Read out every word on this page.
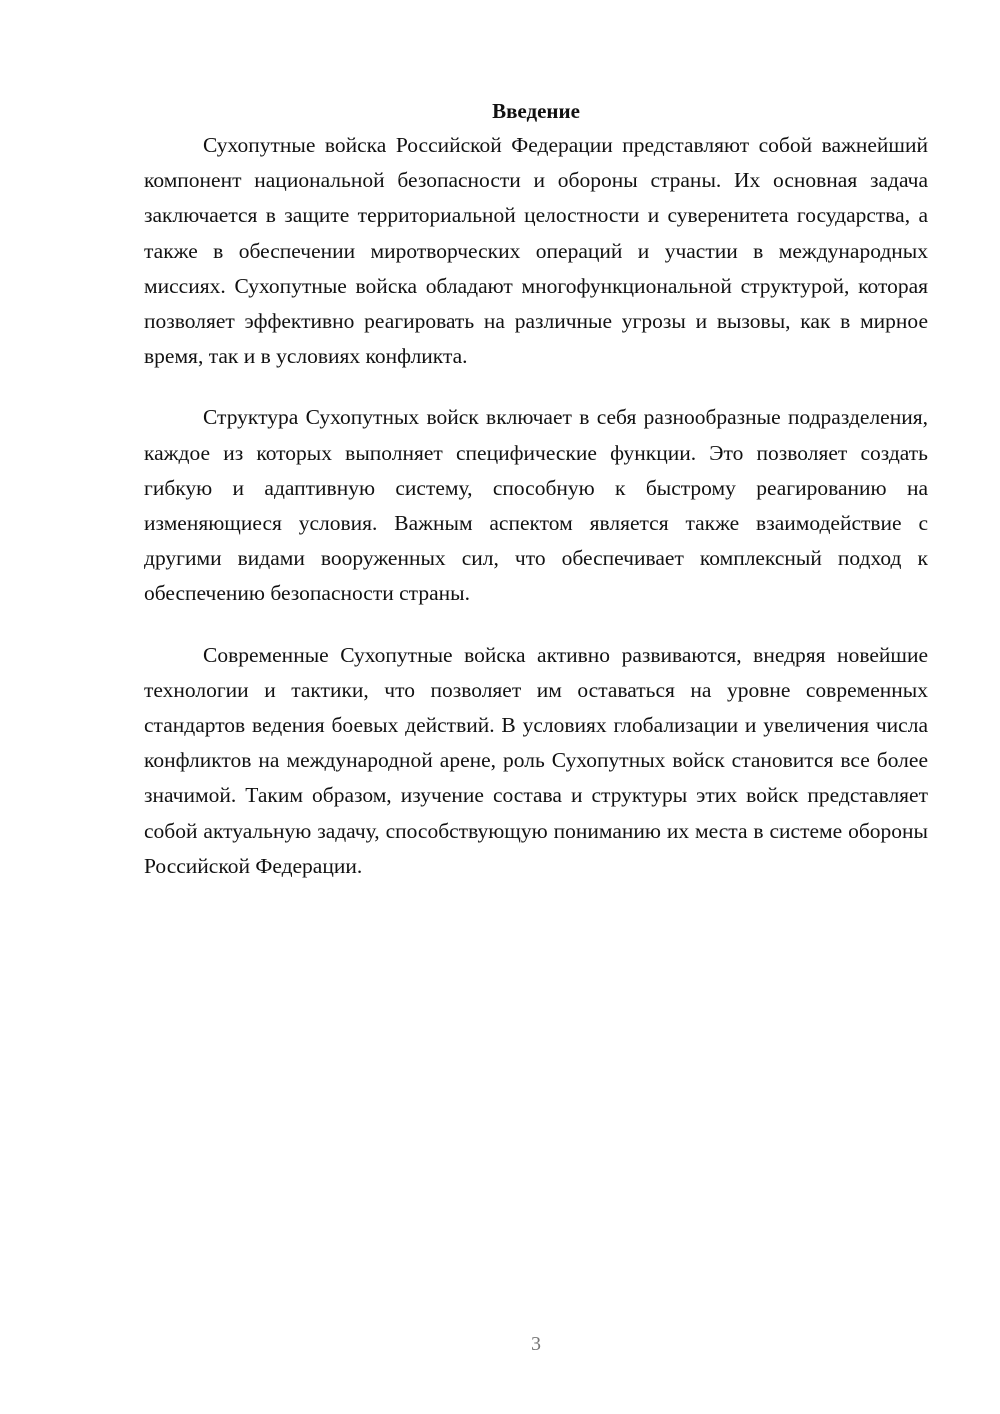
Введение

Сухопутные войска Российской Федерации представляют собой важнейший компонент национальной безопасности и обороны страны. Их основная задача заключается в защите территориальной целостности и суверенитета государства, а также в обеспечении миротворческих операций и участии в международных миссиях. Сухопутные войска обладают многофункциональной структурой, которая позволяет эффективно реагировать на различные угрозы и вызовы, как в мирное время, так и в условиях конфликта.

Структура Сухопутных войск включает в себя разнообразные подразделения, каждое из которых выполняет специфические функции. Это позволяет создать гибкую и адаптивную систему, способную к быстрому реагированию на изменяющиеся условия. Важным аспектом является также взаимодействие с другими видами вооруженных сил, что обеспечивает комплексный подход к обеспечению безопасности страны.

Современные Сухопутные войска активно развиваются, внедряя новейшие технологии и тактики, что позволяет им оставаться на уровне современных стандартов ведения боевых действий. В условиях глобализации и увеличения числа конфликтов на международной арене, роль Сухопутных войск становится все более значимой. Таким образом, изучение состава и структуры этих войск представляет собой актуальную задачу, способствующую пониманию их места в системе обороны Российской Федерации.

3
